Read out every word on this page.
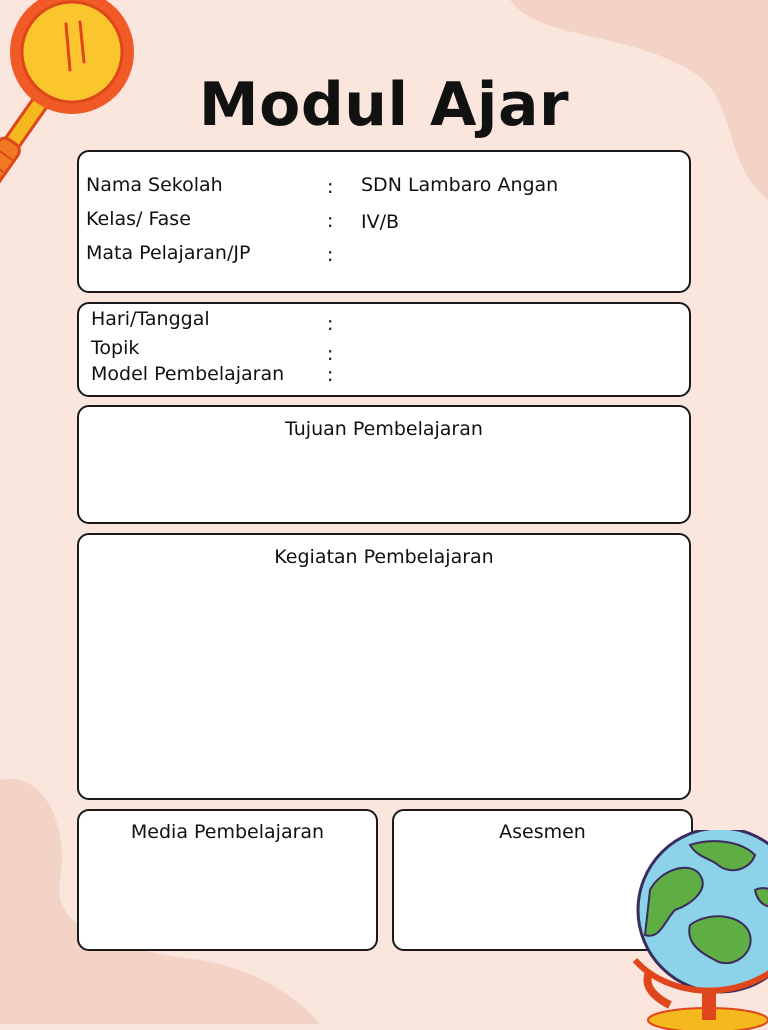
Modul Ajar
Nama Sekolah	: SDN Lambaro Angan
Kelas/ Fase	: IV/B
Mata Pelajaran/JP	:
Hari/Tanggal	:
Topik	:
Model Pembelajaran :
Tujuan Pembelajaran
Kegiatan Pembelajaran
Media Pembelajaran	Asesmen
